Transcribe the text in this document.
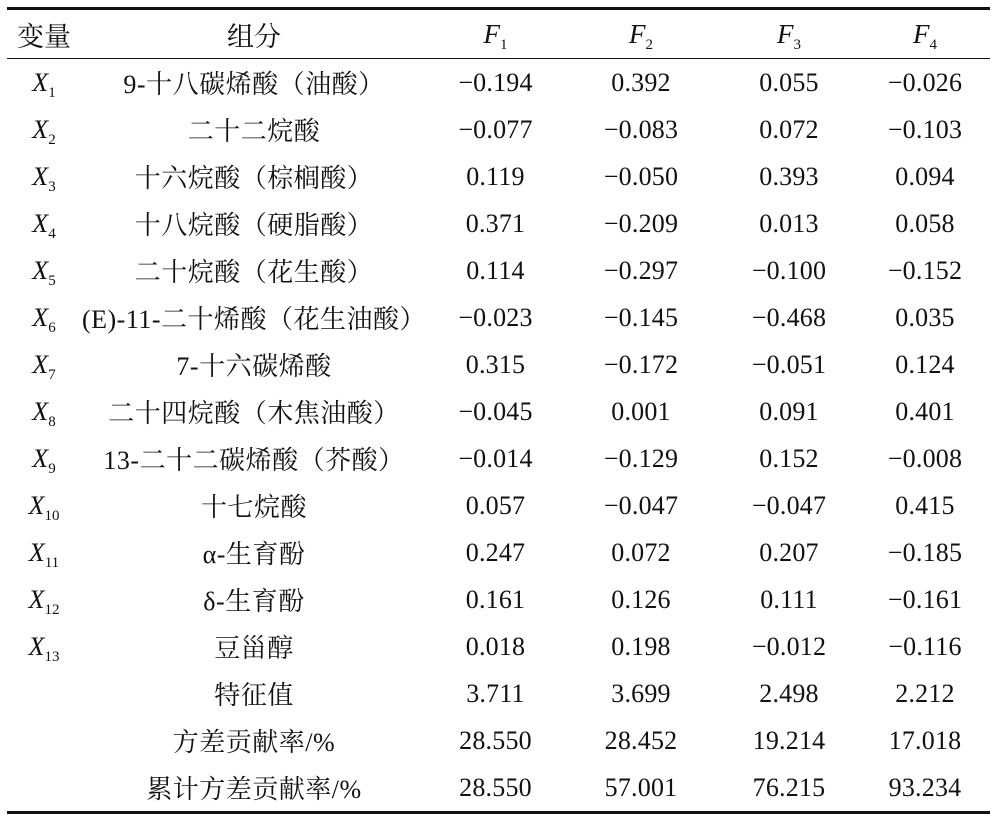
变量	组分	$F_1$	$F_2$	$F_3$	$F_4$
$X_1$	9-十八碳烯酸（油酸）	−0.194	0.392	0.055	−0.026
$X_2$	二十二烷酸	−0.077	−0.083	0.072	−0.103
$X_3$	十六烷酸（棕榈酸）	0.119	−0.050	0.393	0.094
$X_4$	十八烷酸（硬脂酸）	0.371	−0.209	0.013	0.058
$X_5$	二十烷酸（花生酸）	0.114	−0.297	−0.100	−0.152
$X_6$	(E)-11-二十烯酸（花生油酸）	−0.023	−0.145	−0.468	0.035
$X_7$	7-十六碳烯酸	0.315	−0.172	−0.051	0.124
$X_8$	二十四烷酸（木焦油酸）	−0.045	0.001	0.091	0.401
$X_9$	13-二十二碳烯酸（芥酸）	−0.014	−0.129	0.152	−0.008
$X_{10}$	十七烷酸	0.057	−0.047	−0.047	0.415
$X_{11}$	α-生育酚	0.247	0.072	0.207	−0.185
$X_{12}$	δ-生育酚	0.161	0.126	0.111	−0.161
$X_{13}$	豆甾醇	0.018	0.198	−0.012	−0.116
	特征值	3.711	3.699	2.498	2.212
	方差贡献率/%	28.550	28.452	19.214	17.018
	累计方差贡献率/%	28.550	57.001	76.215	93.234
